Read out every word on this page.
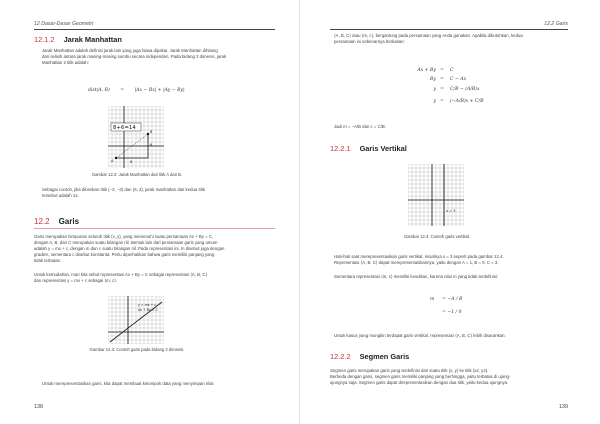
12 Dasar-Dasar Geometri
12.1.2 Jarak Manhattan
Jarak Manhattan adalah definisi jarak lain yang juga biasa dipakai. Jarak Manhattan dihitung
dari selisih antara jarak masing-masing sumbu secara independen. Pada bidang 2 dimensi, jarak
Manhattan 2 titik adalah:
dist(A, B) = |Ax − Bx| + |Ay − By|
8+6=14
A
B
8
6
Gambar 12.2: Jarak Manhattan dari titik A dan B.
Sebagai contoh, jika diberikan titik (−2, −3) dan (6, 3), jarak manhattan dari kedua titik
tersebut adalah 14.
12.2 Garis
Garis merupakan himpunan seluruh titik (x, y), yang memenuhi suatu persamaan Ax + By = C,
dengan A, B, dan C merupakan suatu bilangan riil. Bentuk lain dari persamaan garis yang umum
adalah y = mx + c, dengan m dan c suatu bilangan riil. Pada representasi ini, m disebut juga dengan
gradien, sementara c disebut konstanta. Perlu diperhatikan bahwa garis memiliki panjang yang
tidak terbatas.
Untuk kemudahan, mari kita sebut representasi Ax + By = C sebagai representasi ⟨A, B, C⟩
dan representasi y = mx + c sebagai ⟨m, c⟩.
y = mx + c
Ax + By = C
Gambar 12.3: Contoh garis pada bidang 2 dimensi.
Untuk merepresentasikan garis, kita dapat membuat kelompok data yang menyimpan nilai
138
12.2 Garis
⟨A, B, C⟩ atau ⟨m, c⟩, bergantung pada persamaan yang Anda gunakan. Apabila dibutuhkan, kedua
persamaan ini sebenarnya berkaitan:
Ax + By = C
By = C − Ax
y = C/B − (A/B)x
y = (−A/B)x + C/B
Jadi m = −A/B dan c = C/B.
12.2.1 Garis Vertikal
x = 3
Gambar 12.4: Contoh garis vertikal.
Hati-hati saat merepresentasikan garis vertikal, misalnya x = 3 seperti pada gambar 12.4.
Representasi ⟨A, B, C⟩ dapat merepresentasikannya, yaitu dengan A = 1, B = 0, C = 3.
Sementara representasi ⟨m, c⟩ memiliki kesulitan, karena nilai m yang tidak terdefinisi:
m = −A / B
= −1 / 0
Untuk kasus yang mungkin terdapat garis vertikal, representasi ⟨A, B, C⟩ lebih disarankan.
12.2.2 Segmen Garis
Segmen garis merupakan garis yang terdefinisi dari suatu titik (x, y) ke titik (x2, y2).
Berbeda dengan garis, segmen garis memiliki panjang yang berhingga, yaitu terbatas di ujung-
ujungnya saja. Segmen garis dapat direpresentasikan dengan dua titik, yaitu kedua ujungnya.
139
